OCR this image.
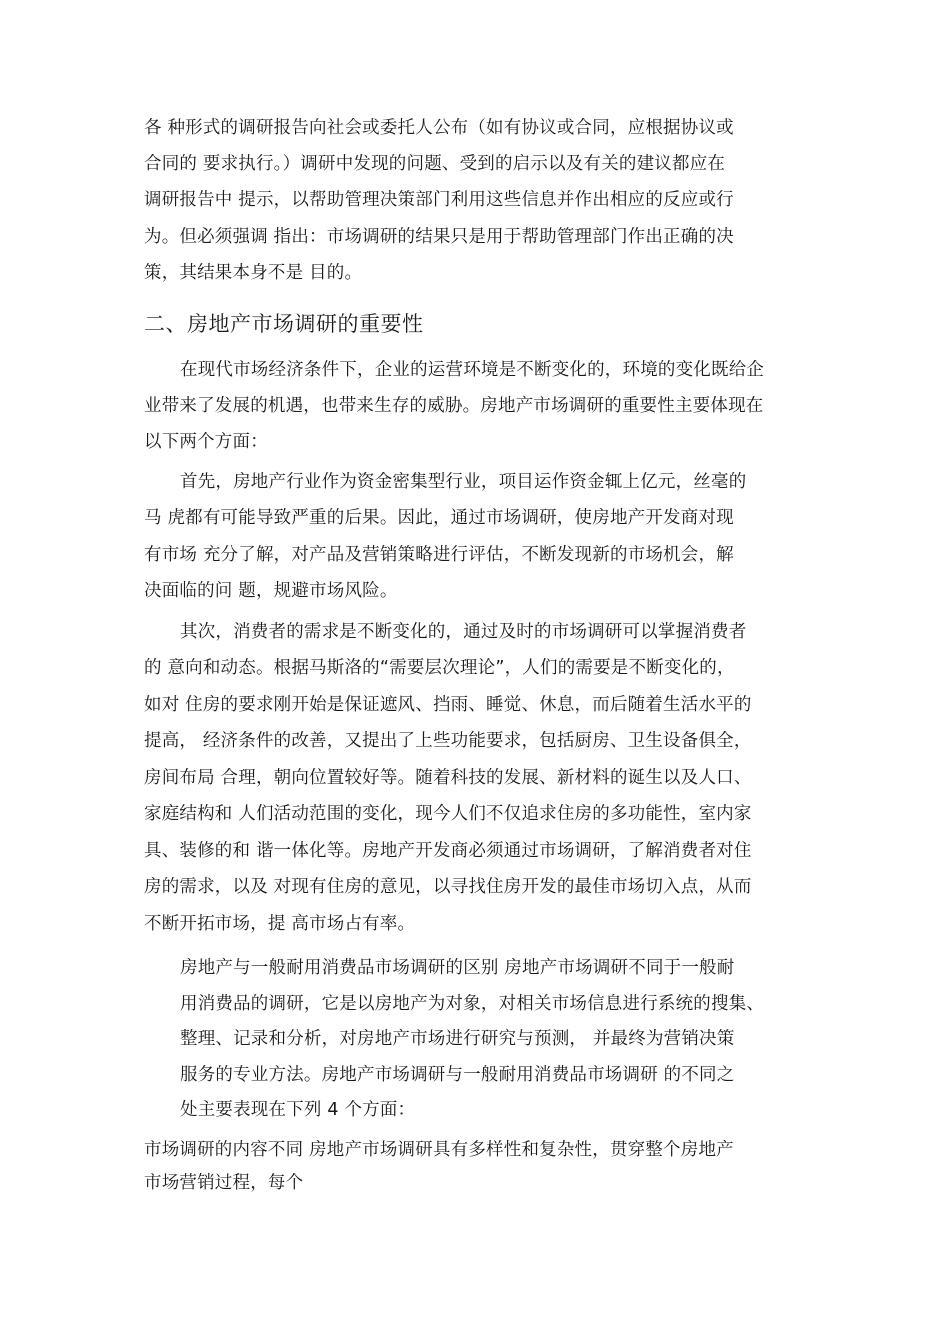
各 种形式的调研报告向社会或委托人公布（如有协议或合同，应根据协议或
合同的 要求执行。）调研中发现的问题、受到的启示以及有关的建议都应在
调研报告中 提示，以帮助管理决策部门利用这些信息并作出相应的反应或行
为。但必须强调 指出：市场调研的结果只是用于帮助管理部门作出正确的决
策，其结果本身不是 目的。
二、房地产市场调研的重要性
在现代市场经济条件下，企业的运营环境是不断变化的，环境的变化既给企
业带来了发展的机遇，也带来生存的威胁。房地产市场调研的重要性主要体现在
以下两个方面：
首先，房地产行业作为资金密集型行业，项目运作资金辄上亿元，丝毫的
马 虎都有可能导致严重的后果。因此，通过市场调研，使房地产开发商对现
有市场 充分了解，对产品及营销策略进行评估，不断发现新的市场机会，解
决面临的问 题，规避市场风险。
其次，消费者的需求是不断变化的，通过及时的市场调研可以掌握消费者
的 意向和动态。根据马斯洛的“需要层次理论”，人们的需要是不断变化的，
如对 住房的要求刚开始是保证遮风、挡雨、睡觉、休息，而后随着生活水平的
提高， 经济条件的改善，又提出了上些功能要求，包括厨房、卫生设备俱全，
房间布局 合理，朝向位置较好等。随着科技的发展、新材料的诞生以及人口、
家庭结构和 人们活动范围的变化，现今人们不仅追求住房的多功能性，室内家
具、装修的和 谐一体化等。房地产开发商必须通过市场调研，了解消费者对住
房的需求，以及 对现有住房的意见，以寻找住房开发的最佳市场切入点，从而
不断开拓市场，提 高市场占有率。
房地产与一般耐用消费品市场调研的区别 房地产市场调研不同于一般耐
用消费品的调研，它是以房地产为对象，对相关市场信息进行系统的搜集、
整理、记录和分析，对房地产市场进行研究与预测， 并最终为营销决策
服务的专业方法。房地产市场调研与一般耐用消费品市场调研 的不同之
处主要表现在下列 4 个方面：
市场调研的内容不同 房地产市场调研具有多样性和复杂性，贯穿整个房地产
市场营销过程，每个
